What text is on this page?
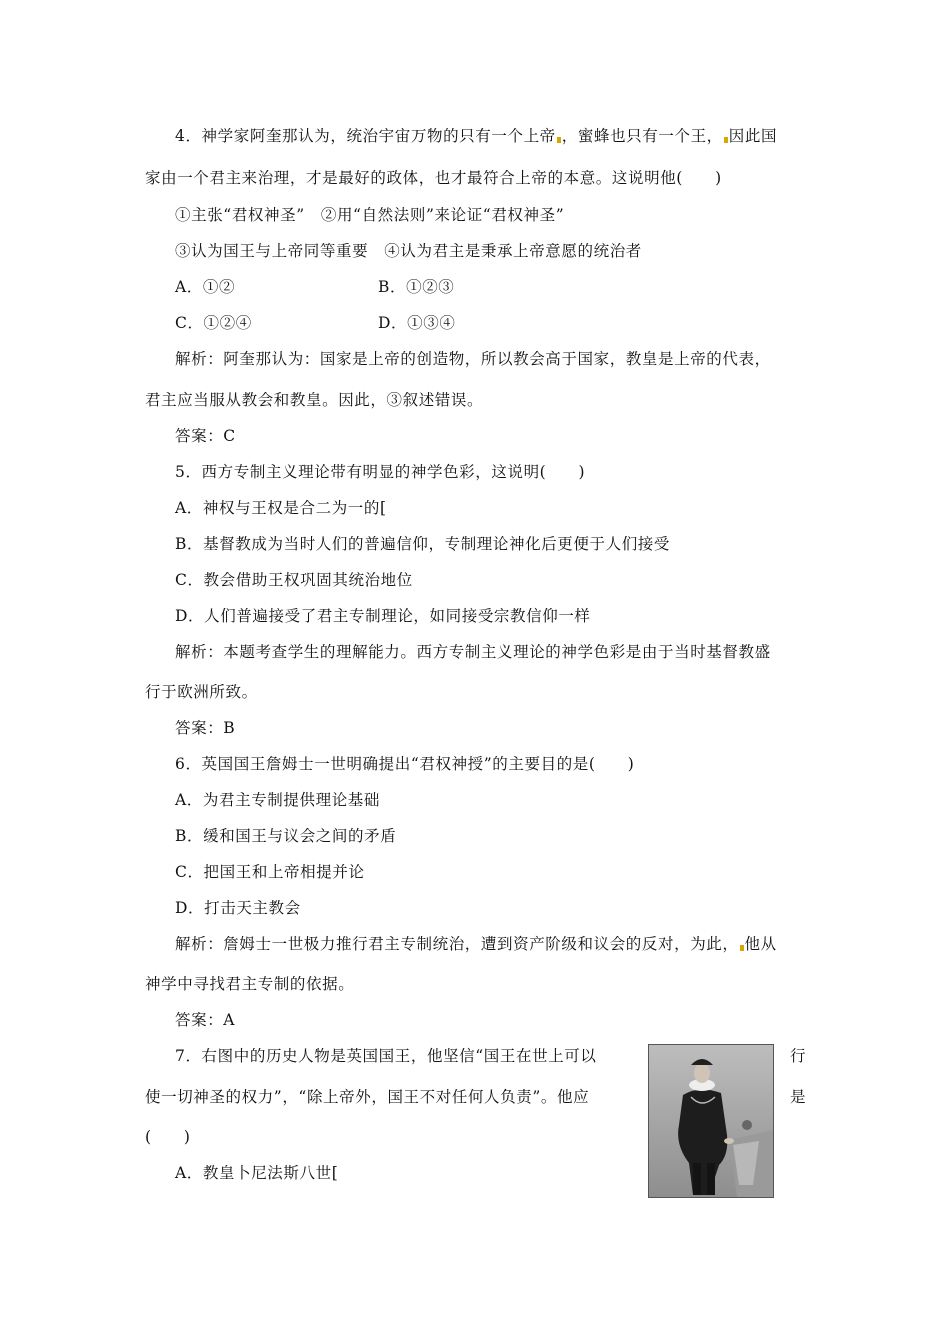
4．神学家阿奎那认为，统治宇宙万物的只有一个上帝 ，蜜蜂也只有一个王， 因此国
家由一个君主来治理，才是最好的政体，也才最符合上帝的本意。这说明他(　　)
①主张“君权神圣”　②用“自然法则”来论证“君权神圣”
③认为国王与上帝同等重要　④认为君主是秉承上帝意愿的统治者
A．①②	B．①②③
C．①②④	D．①③④
解析：阿奎那认为：国家是上帝的创造物，所以教会高于国家，教皇是上帝的代表，
君主应当服从教会和教皇。因此，③叙述错误。
答案：C
5．西方专制主义理论带有明显的神学色彩，这说明(　　)
A．神权与王权是合二为一的[
B．基督教成为当时人们的普遍信仰，专制理论神化后更便于人们接受
C．教会借助王权巩固其统治地位
D．人们普遍接受了君主专制理论，如同接受宗教信仰一样
解析：本题考查学生的理解能力。西方专制主义理论的神学色彩是由于当时基督教盛
行于欧洲所致。
答案：B
6．英国国王詹姆士一世明确提出“君权神授”的主要目的是(　　)
A．为君主专制提供理论基础
B．缓和国王与议会之间的矛盾
C．把国王和上帝相提并论
D．打击天主教会
解析：詹姆士一世极力推行君主专制统治，遭到资产阶级和议会的反对，为此， 他从
神学中寻找君主专制的依据。
答案：A
7．右图中的历史人物是英国国王，他坚信“国王在世上可以	行
使一切神圣的权力”，“除上帝外，国王不对任何人负责”。他应	是
(　　)
A．教皇卜尼法斯八世[
